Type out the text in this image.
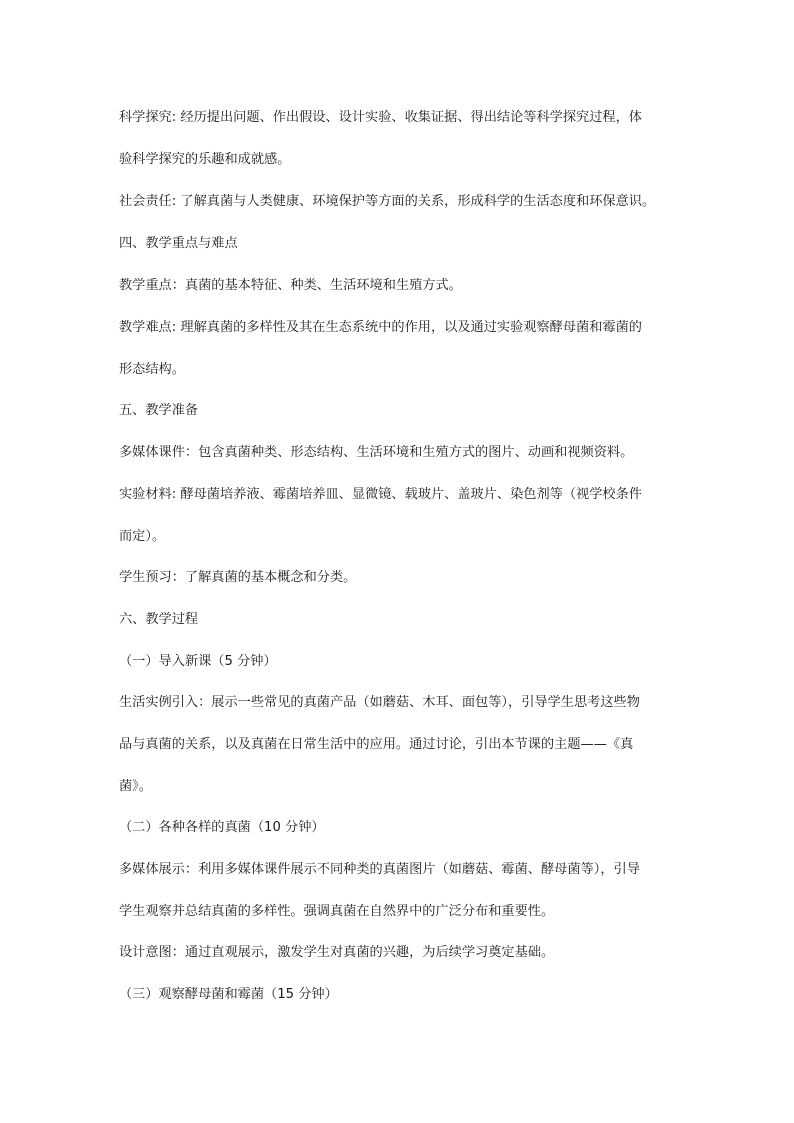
科学探究: 经历提出问题、作出假设、设计实验、收集证据、得出结论等科学探究过程，体
验科学探究的乐趣和成就感。
社会责任: 了解真菌与人类健康、环境保护等方面的关系，形成科学的生活态度和环保意识。
四、教学重点与难点
教学重点：真菌的基本特征、种类、生活环境和生殖方式。
教学难点: 理解真菌的多样性及其在生态系统中的作用，以及通过实验观察酵母菌和霉菌的
形态结构。
五、教学准备
多媒体课件：包含真菌种类、形态结构、生活环境和生殖方式的图片、动画和视频资料。
实验材料: 酵母菌培养液、霉菌培养皿、显微镜、载玻片、盖玻片、染色剂等（视学校条件
而定）。
学生预习：了解真菌的基本概念和分类。
六、教学过程
（一）导入新课（5 分钟）
生活实例引入：展示一些常见的真菌产品（如蘑菇、木耳、面包等），引导学生思考这些物
品与真菌的关系，以及真菌在日常生活中的应用。通过讨论，引出本节课的主题——《真
菌》。
（二）各种各样的真菌（10 分钟）
多媒体展示：利用多媒体课件展示不同种类的真菌图片（如蘑菇、霉菌、酵母菌等），引导
学生观察并总结真菌的多样性。强调真菌在自然界中的广泛分布和重要性。
设计意图：通过直观展示，激发学生对真菌的兴趣，为后续学习奠定基础。
（三）观察酵母菌和霉菌（15 分钟）
